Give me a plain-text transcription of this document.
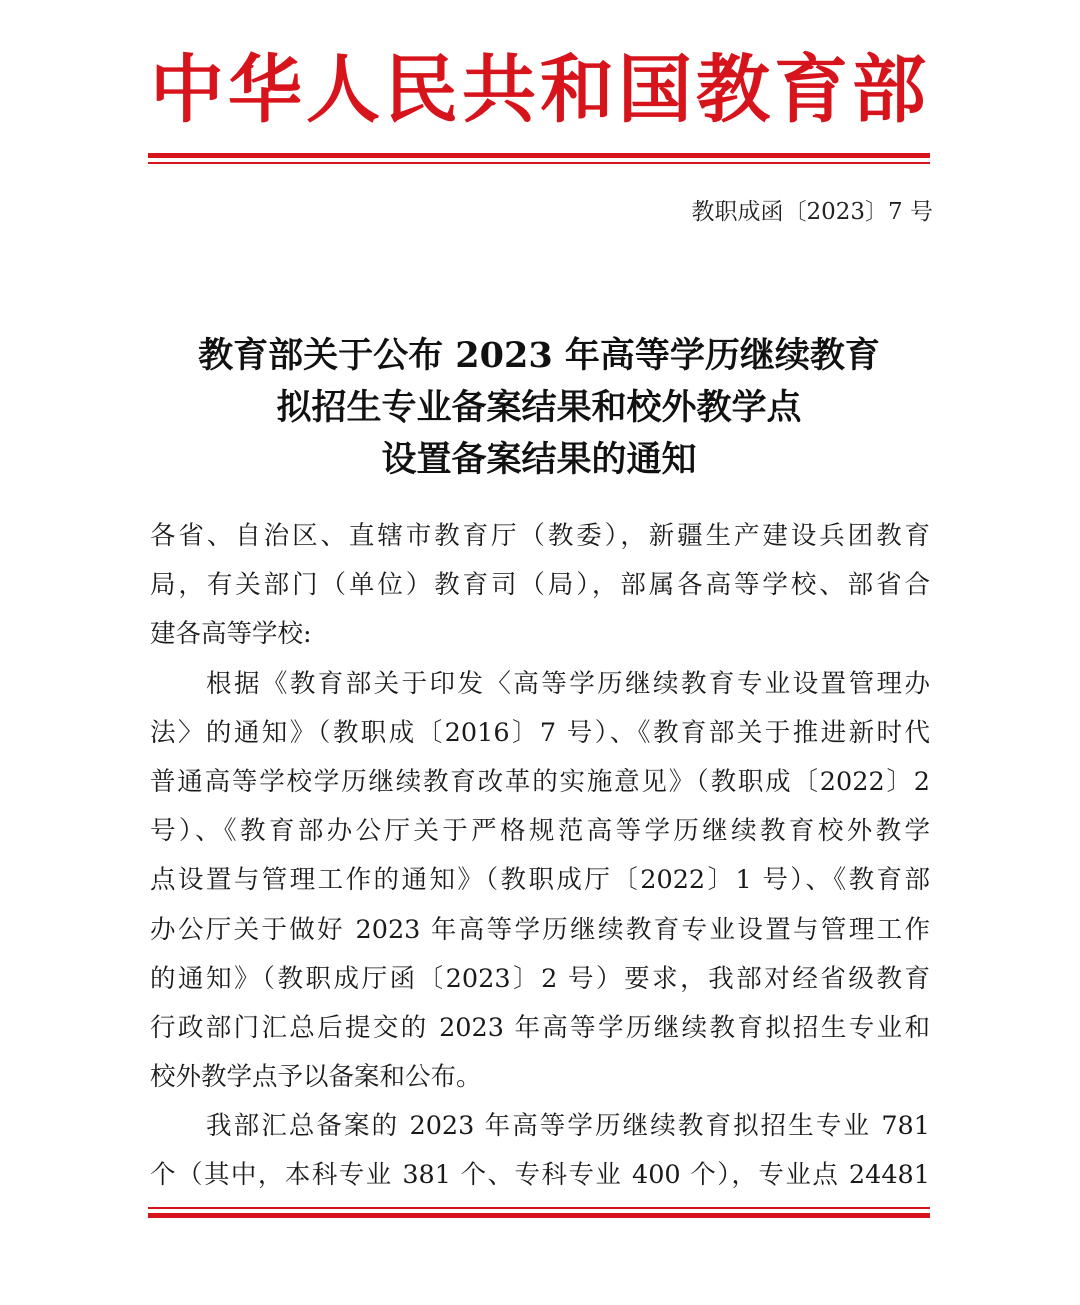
中华人民共和国教育部
教职成函〔2023〕7 号
教育部关于公布 2023 年高等学历继续教育
拟招生专业备案结果和校外教学点
设置备案结果的通知
各省、自治区、直辖市教育厅（教委），新疆生产建设兵团教育
局，有关部门（单位）教育司（局），部属各高等学校、部省合
建各高等学校:
根据《教育部关于印发〈高等学历继续教育专业设置管理办
法〉的通知》（教职成〔2016〕7 号）、《教育部关于推进新时代
普通高等学校学历继续教育改革的实施意见》（教职成〔2022〕2
号）、《教育部办公厅关于严格规范高等学历继续教育校外教学
点设置与管理工作的通知》（教职成厅〔2022〕1 号）、《教育部
办公厅关于做好 2023 年高等学历继续教育专业设置与管理工作
的通知》（教职成厅函〔2023〕2 号）要求，我部对经省级教育
行政部门汇总后提交的 2023 年高等学历继续教育拟招生专业和
校外教学点予以备案和公布。
我部汇总备案的 2023 年高等学历继续教育拟招生专业 781
个（其中，本科专业 381 个、专科专业 400 个），专业点 24481
